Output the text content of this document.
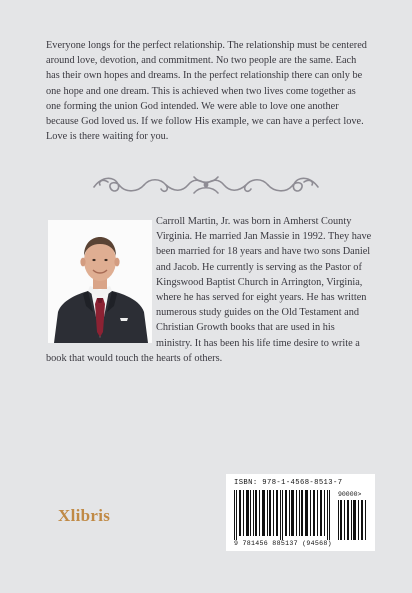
Everyone longs for the perfect relationship. The relationship must be centered around love, devotion, and commitment. No two people are the same. Each has their own hopes and dreams. In the perfect relationship there can only be one hope and one dream. This is achieved when two lives come together as one forming the union God intended. We were able to love one another because God loved us. If we follow His example, we can have a perfect love. Love is there waiting for you.

Carroll Martin, Jr. was born in Amherst County Virginia. He married Jan Massie in 1992. They have been married for 18 years and have two sons Daniel and Jacob. He currently is serving as the Pastor of Kingswood Baptist Church in Arrington, Virginia, where he has served for eight years. He has written numerous study guides on the Old Testament and Christian Growth books that are used in his ministry. It has been his life time desire to write a book that would touch the hearts of others.

Xlibris
ISBN: 978-1-4568-8513-7
90000>
9 781456 885137 (94568)
